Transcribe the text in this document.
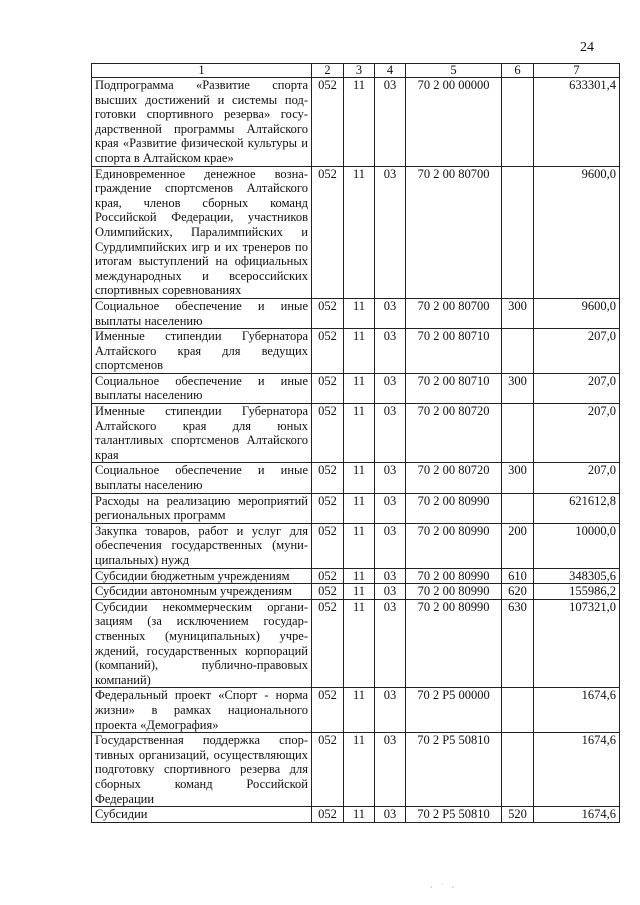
24
1	2	3	4	5	6	7
Подпрограмма «Развитие спорта высших достижений и системы подготовки спортивного резерва» государственной программы Алтайского края «Развитие физической культуры и спорта в Алтайском крае»	052	11	03	70 2 00 00000		633301,4
Единовременное денежное вознаграждение спортсменов Алтайского края, членов сборных команд Российской Федерации, участников Олимпийских, Паралимпийских и Сурдлимпийских игр и их тренеров по итогам выступлений на официальных международных и всероссийских спортивных соревнованиях	052	11	03	70 2 00 80700		9600,0
Социальное обеспечение и иные выплаты населению	052	11	03	70 2 00 80700	300	9600,0
Именные стипендии Губернатора Алтайского края для ведущих спортсменов	052	11	03	70 2 00 80710		207,0
Социальное обеспечение и иные выплаты населению	052	11	03	70 2 00 80710	300	207,0
Именные стипендии Губернатора Алтайского края для юных талантливых спортсменов Алтайского края	052	11	03	70 2 00 80720		207,0
Социальное обеспечение и иные выплаты населению	052	11	03	70 2 00 80720	300	207,0
Расходы на реализацию мероприятий региональных программ	052	11	03	70 2 00 80990		621612,8
Закупка товаров, работ и услуг для обеспечения государственных (муниципальных) нужд	052	11	03	70 2 00 80990	200	10000,0
Субсидии бюджетным учреждениям	052	11	03	70 2 00 80990	610	348305,6
Субсидии автономным учреждениям	052	11	03	70 2 00 80990	620	155986,2
Субсидии некоммерческим организациям (за исключением государственных (муниципальных) учреждений, государственных корпораций (компаний), публично-правовых компаний)	052	11	03	70 2 00 80990	630	107321,0
Федеральный проект «Спорт - норма жизни» в рамках национального проекта «Демография»	052	11	03	70 2 P5 00000		1674,6
Государственная поддержка спортивных организаций, осуществляющих подготовку спортивного резерва для сборных команд Российской Федерации	052	11	03	70 2 P5 50810		1674,6
Субсидии	052	11	03	70 2 P5 50810	520	1674,6
⸱ ˙ ⸱
